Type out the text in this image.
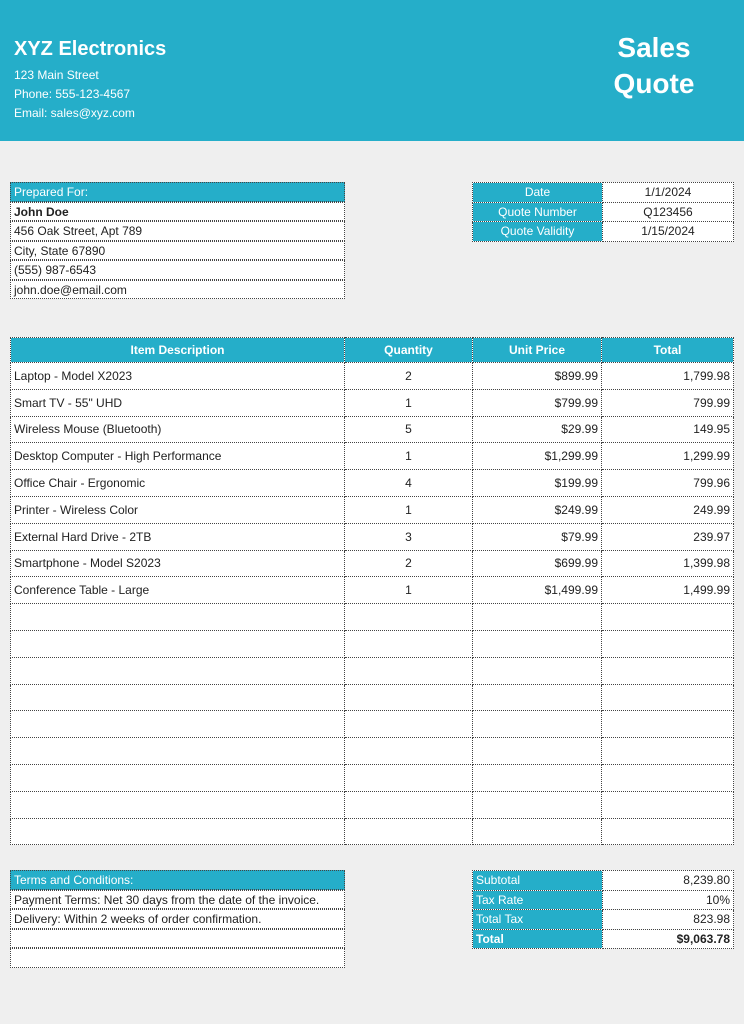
XYZ Electronics
123 Main Street
Phone: 555-123-4567
Email: sales@xyz.com
Sales
Quote
Prepared For:
John Doe
456 Oak Street, Apt 789
City, State 67890
(555) 987-6543
john.doe@email.com
Date	1/1/2024
Quote Number	Q123456
Quote Validity	1/15/2024
Item Description	Quantity	Unit Price	Total
Laptop - Model X2023	2	$899.99	1,799.98
Smart TV - 55" UHD	1	$799.99	799.99
Wireless Mouse (Bluetooth)	5	$29.99	149.95
Desktop Computer - High Performance	1	$1,299.99	1,299.99
Office Chair - Ergonomic	4	$199.99	799.96
Printer - Wireless Color	1	$249.99	249.99
External Hard Drive - 2TB	3	$79.99	239.97
Smartphone - Model S2023	2	$699.99	1,399.98
Conference Table - Large	1	$1,499.99	1,499.99

Terms and Conditions:
Payment Terms: Net 30 days from the date of the invoice.
Delivery: Within 2 weeks of order confirmation.
Subtotal	8,239.80
Tax Rate	10%
Total Tax	823.98
Total	$9,063.78
